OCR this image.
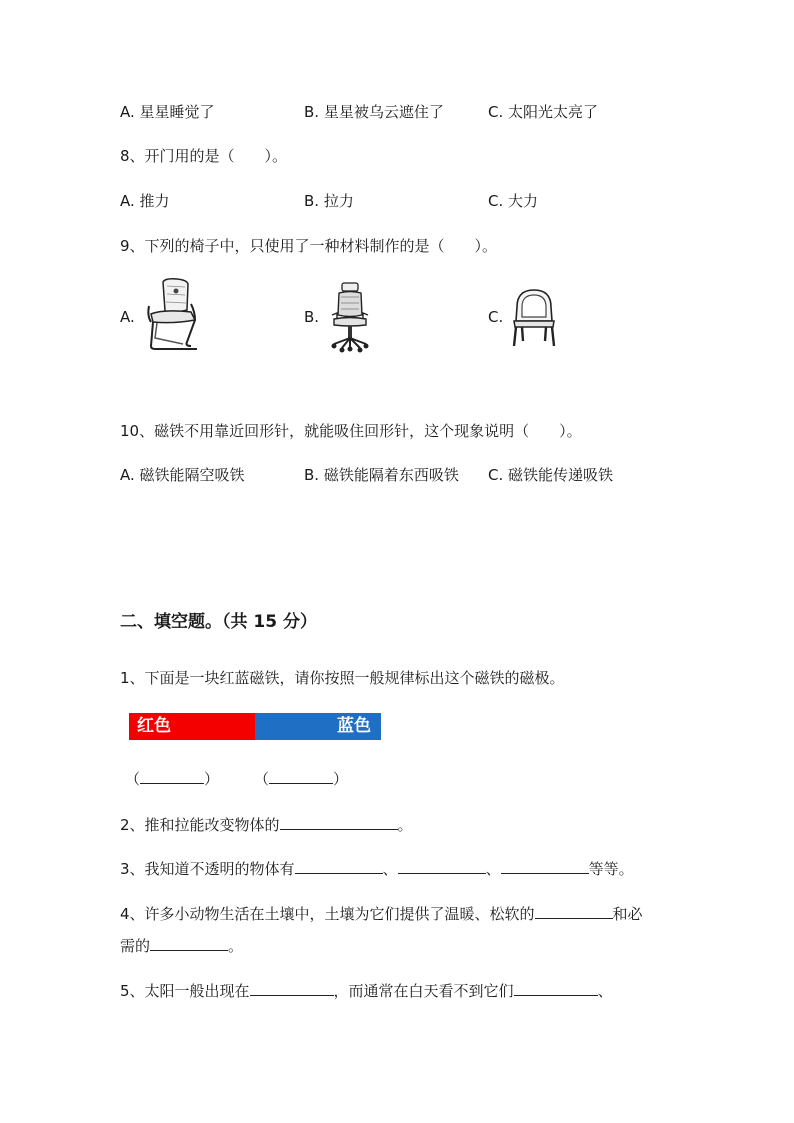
A. 星星睡觉了	B. 星星被乌云遮住了	C. 太阳光太亮了
8、开门用的是（　　）。
A. 推力	B. 拉力	C. 大力
9、下列的椅子中，只使用了一种材料制作的是（　　）。
A.	B.	C.
10、磁铁不用靠近回形针，就能吸住回形针，这个现象说明（　　）。
A. 磁铁能隔空吸铁	B. 磁铁能隔着东西吸铁 C. 磁铁能传递吸铁
二、填空题。（共 15 分）
1、下面是一块红蓝磁铁，请你按照一般规律标出这个磁铁的磁极。
红色	蓝色
（	） （	）
2、推和拉能改变物体的	。
3、我知道不透明的物体有	、	、	等等。
4、许多小动物生活在土壤中，土壤为它们提供了温暖、松软的	和必
需的	。
5、太阳一般出现在	，而通常在白天看不到它们	、
